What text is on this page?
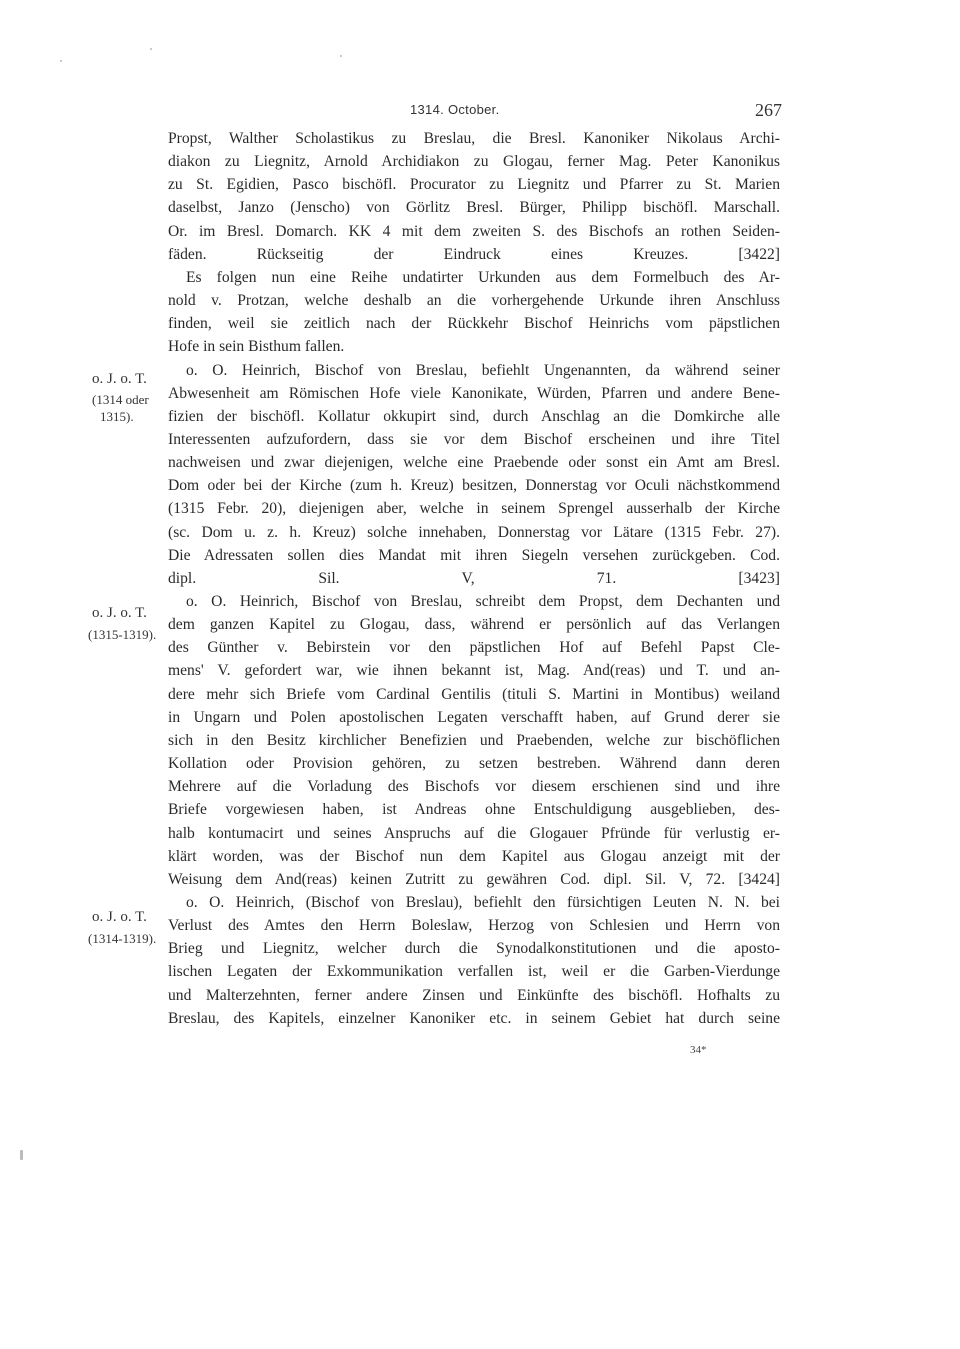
1314. October.	267
Propst, Walther Scholastikus zu Breslau, die Bresl. Kanoniker Nikolaus Archi-
diakon zu Liegnitz, Arnold Archidiakon zu Glogau, ferner Mag. Peter Kanonikus
zu St. Egidien, Pasco bischöfl. Procurator zu Liegnitz und Pfarrer zu St. Marien
daselbst, Janzo (Jenscho) von Görlitz Bresl. Bürger, Philipp bischöfl. Marschall.
Or. im Bresl. Domarch. KK 4 mit dem zweiten S. des Bischofs an rothen Seiden-
fäden. Rückseitig der Eindruck eines Kreuzes. [3422]
Es folgen nun eine Reihe undatirter Urkunden aus dem Formelbuch des Ar-
nold v. Protzan, welche deshalb an die vorhergehende Urkunde ihren Anschluss
finden, weil sie zeitlich nach der Rückkehr Bischof Heinrichs vom päpstlichen
Hofe in sein Bisthum fallen.
o. O. Heinrich, Bischof von Breslau, befiehlt Ungenannten, da während seiner
Abwesenheit am Römischen Hofe viele Kanonikate, Würden, Pfarren und andere Bene-
fizien der bischöfl. Kollatur okkupirt sind, durch Anschlag an die Domkirche alle
Interessenten aufzufordern, dass sie vor dem Bischof erscheinen und ihre Titel
nachweisen und zwar diejenigen, welche eine Praebende oder sonst ein Amt am Bresl.
Dom oder bei der Kirche (zum h. Kreuz) besitzen, Donnerstag vor Oculi nächstkommend
(1315 Febr. 20), diejenigen aber, welche in seinem Sprengel ausserhalb der Kirche
(sc. Dom u. z. h. Kreuz) solche innehaben, Donnerstag vor Lätare (1315 Febr. 27).
Die Adressaten sollen dies Mandat mit ihren Siegeln versehen zurückgeben. Cod.
dipl. Sil. V, 71. [3423]
o. O. Heinrich, Bischof von Breslau, schreibt dem Propst, dem Dechanten und
dem ganzen Kapitel zu Glogau, dass, während er persönlich auf das Verlangen
des Günther v. Bebirstein vor den päpstlichen Hof auf Befehl Papst Cle-
mens' V. gefordert war, wie ihnen bekannt ist, Mag. And(reas) und T. und an-
dere mehr sich Briefe vom Cardinal Gentilis (tituli S. Martini in Montibus) weiland
in Ungarn und Polen apostolischen Legaten verschafft haben, auf Grund derer sie
sich in den Besitz kirchlicher Benefizien und Praebenden, welche zur bischöflichen
Kollation oder Provision gehören, zu setzen bestreben. Während dann deren
Mehrere auf die Vorladung des Bischofs vor diesem erschienen sind und ihre
Briefe vorgewiesen haben, ist Andreas ohne Entschuldigung ausgeblieben, des-
halb kontumacirt und seines Anspruchs auf die Glogauer Pfründe für verlustig er-
klärt worden, was der Bischof nun dem Kapitel aus Glogau anzeigt mit der
Weisung dem And(reas) keinen Zutritt zu gewähren Cod. dipl. Sil. V, 72. [3424]
o. O. Heinrich, (Bischof von Breslau), befiehlt den fürsichtigen Leuten N. N. bei
Verlust des Amtes den Herrn Boleslaw, Herzog von Schlesien und Herrn von
Brieg und Liegnitz, welcher durch die Synodalkonstitutionen und die aposto-
lischen Legaten der Exkommunikation verfallen ist, weil er die Garben-Vierdunge
und Malterzehnten, ferner andere Zinsen und Einkünfte des bischöfl. Hofhalts zu
Breslau, des Kapitels, einzelner Kanoniker etc. in seinem Gebiet hat durch seine
o. J. o. T.
(1314 oder
1315).
o. J. o. T.
(1315-1319).
o. J. o. T.
(1314-1319).
34*
